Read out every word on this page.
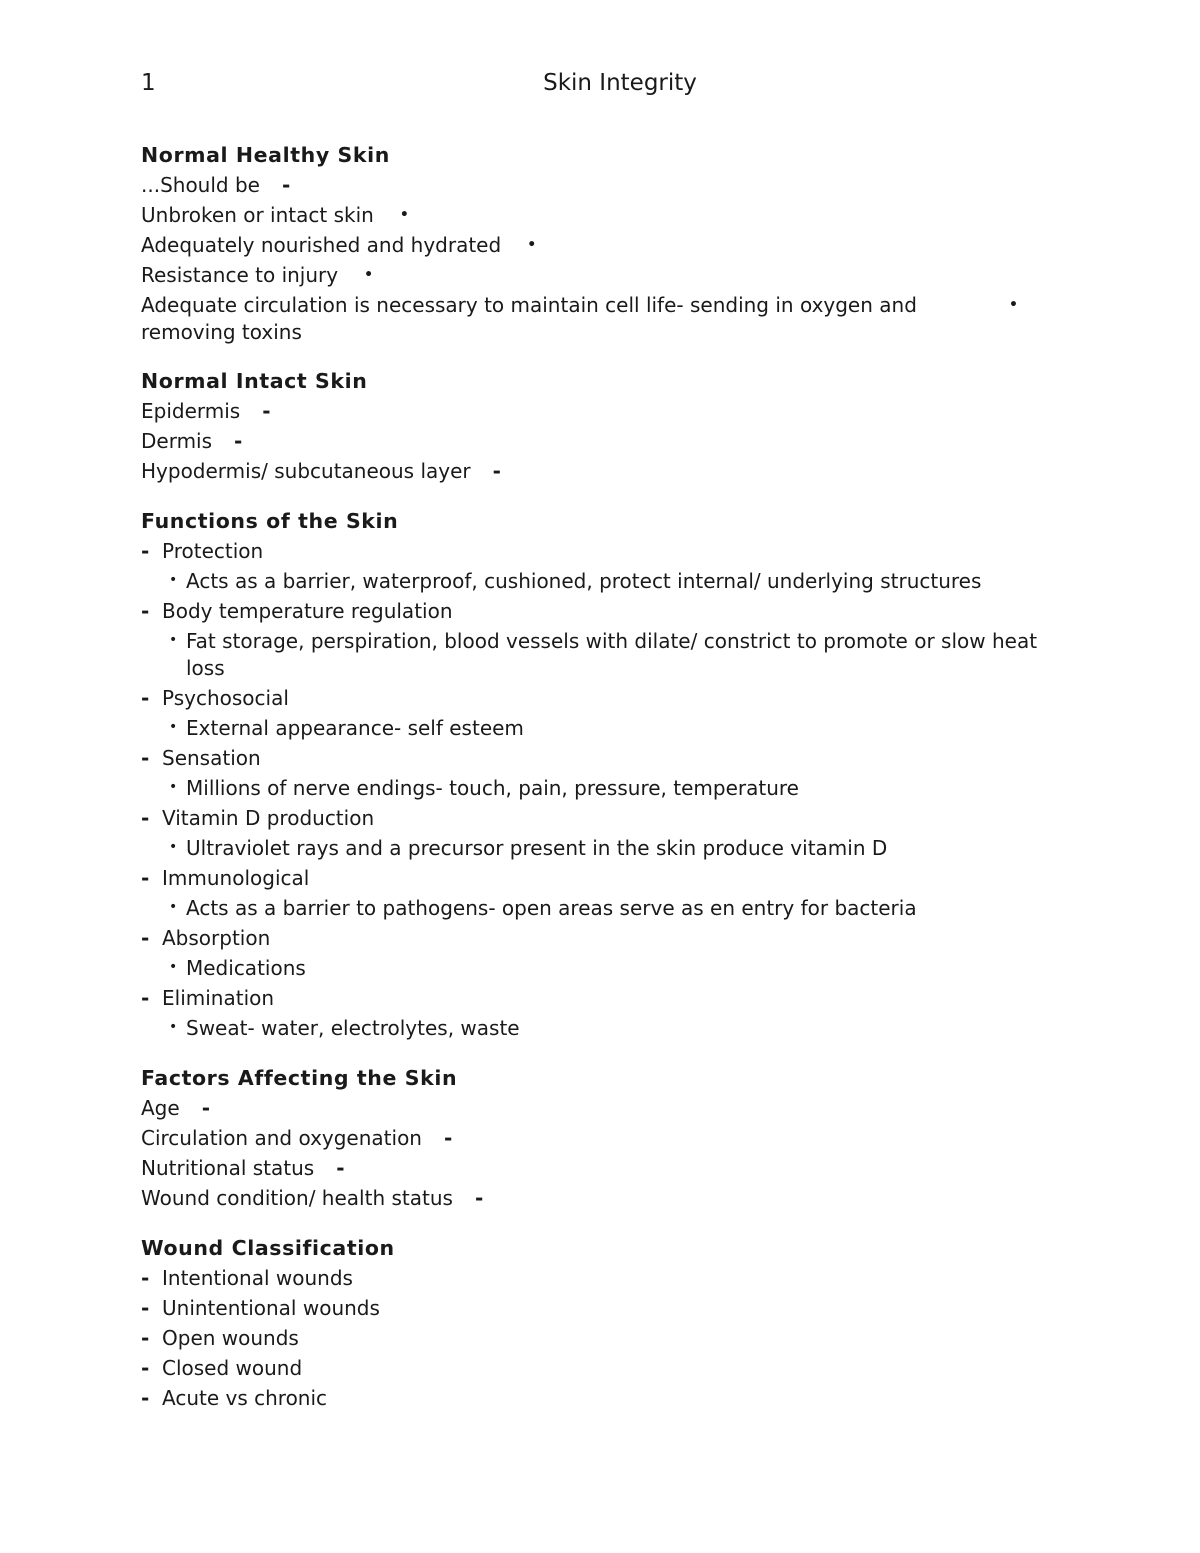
1	Skin Integrity
Normal Healthy Skin
...Should be -
Unbroken or intact skin •
Adequately nourished and hydrated •
Resistance to injury •
Adequate circulation is necessary to maintain cell life- sending in oxygen and removing toxins
•
Normal Intact Skin
Epidermis -
Dermis -
Hypodermis/ subcutaneous layer -
Functions of the Skin
- Protection
• Acts as a barrier, waterproof, cushioned, protect internal/ underlying structures
- Body temperature regulation
• Fat storage, perspiration, blood vessels with dilate/ constrict to promote or slow heat loss
- Psychosocial
• External appearance- self esteem
- Sensation
• Millions of nerve endings- touch, pain, pressure, temperature
- Vitamin D production
• Ultraviolet rays and a precursor present in the skin produce vitamin D
- Immunological
• Acts as a barrier to pathogens- open areas serve as en entry for bacteria
- Absorption
• Medications
- Elimination
• Sweat- water, electrolytes, waste
Factors Affecting the Skin
Age -
Circulation and oxygenation -
Nutritional status -
Wound condition/ health status -
Wound Classification
- Intentional wounds
- Unintentional wounds
- Open wounds
- Closed wound
- Acute vs chronic
